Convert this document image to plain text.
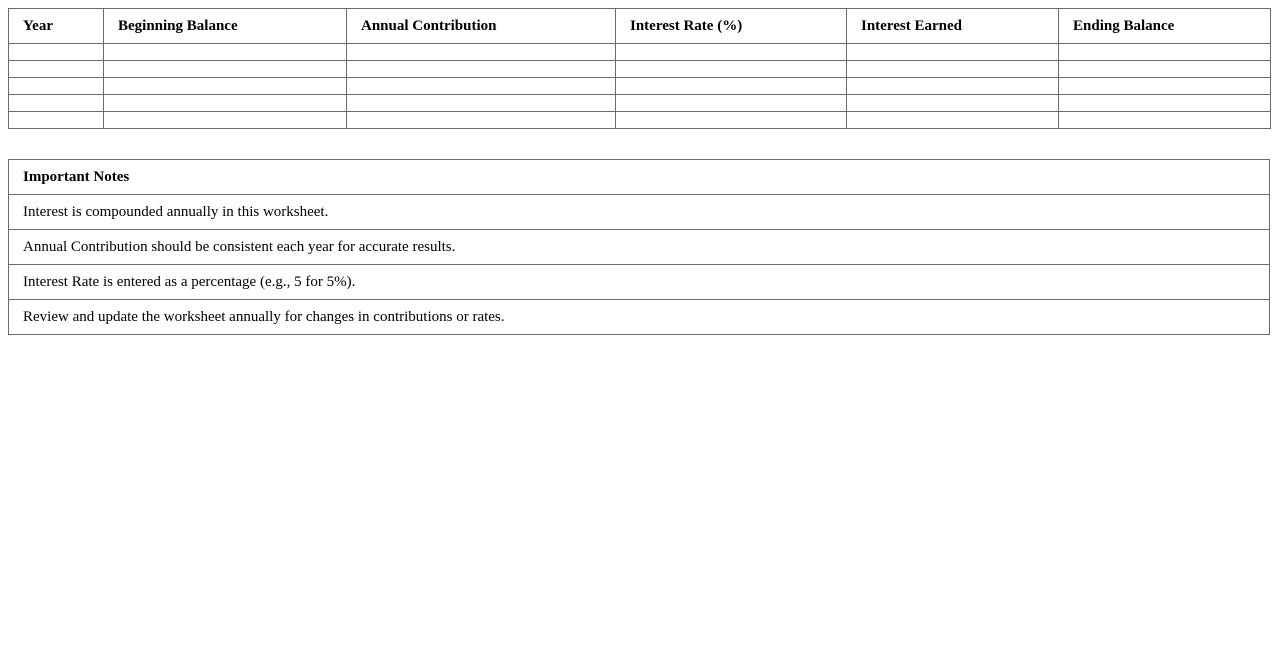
Year	Beginning Balance	Annual Contribution	Interest Rate (%)	Interest Earned	Ending Balance

Important Notes
Interest is compounded annually in this worksheet.
Annual Contribution should be consistent each year for accurate results.
Interest Rate is entered as a percentage (e.g., 5 for 5%).
Review and update the worksheet annually for changes in contributions or rates.
